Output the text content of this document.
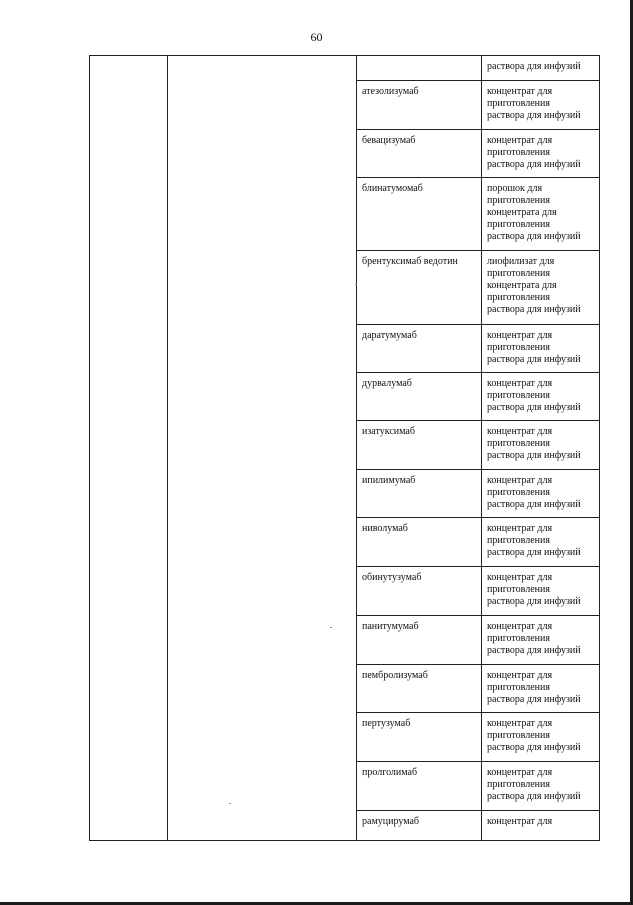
60

			раствора для инфузий

		атезолизумаб	концентрат для
приготовления
раствора для инфузий

		бевацизумаб	концентрат для
приготовления
раствора для инфузий

		блинатумомаб	порошок для
приготовления
концентрата для
приготовления
раствора для инфузий

		брентуксимаб ведотин	лиофилизат для
приготовления
концентрата для
приготовления
раствора для инфузий

		даратумумаб	концентрат для
приготовления
раствора для инфузий

		дурвалумаб	концентрат для
приготовления
раствора для инфузий

		изатуксимаб	концентрат для
приготовления
раствора для инфузий

		ипилимумаб	концентрат для
приготовления
раствора для инфузий

		ниволумаб	концентрат для
приготовления
раствора для инфузий

		обинутузумаб	концентрат для
приготовления
раствора для инфузий

		панитумумаб	концентрат для
приготовления
раствора для инфузий

		пембролизумаб	концентрат для
приготовления
раствора для инфузий

		пертузумаб	концентрат для
приготовления
раствора для инфузий

		пролголимаб	концентрат для
приготовления
раствора для инфузий

		рамуцирумаб	концентрат для
